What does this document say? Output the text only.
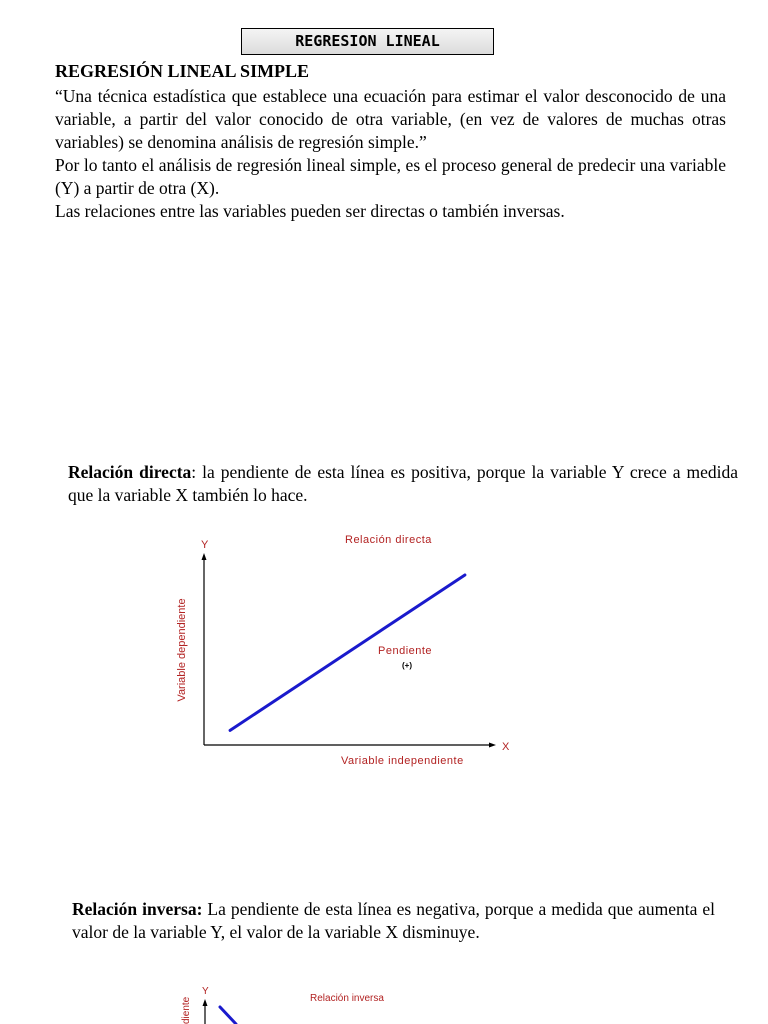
REGRESION LINEAL
REGRESIÓN LINEAL SIMPLE

“Una técnica estadística que establece una ecuación para estimar el valor desconocido de una variable, a partir del valor conocido de otra variable, (en vez de valores de muchas otras variables) se denomina análisis de regresión simple.”

Por lo tanto el análisis de regresión lineal simple, es el proceso general de predecir una variable (Y) a partir de otra (X).

Las relaciones entre las variables pueden ser directas o también inversas.

Relación directa: la pendiente de esta línea es positiva, porque la variable Y crece a medida que la variable X también lo hace.

Relación directa
Y
X
Variable dependiente
Variable independiente
Pendiente
(+)

Relación inversa: La pendiente de esta línea es negativa, porque a medida que aumenta el valor de la variable Y, el valor de la variable X disminuye.

Relación inversa
Y
diente
